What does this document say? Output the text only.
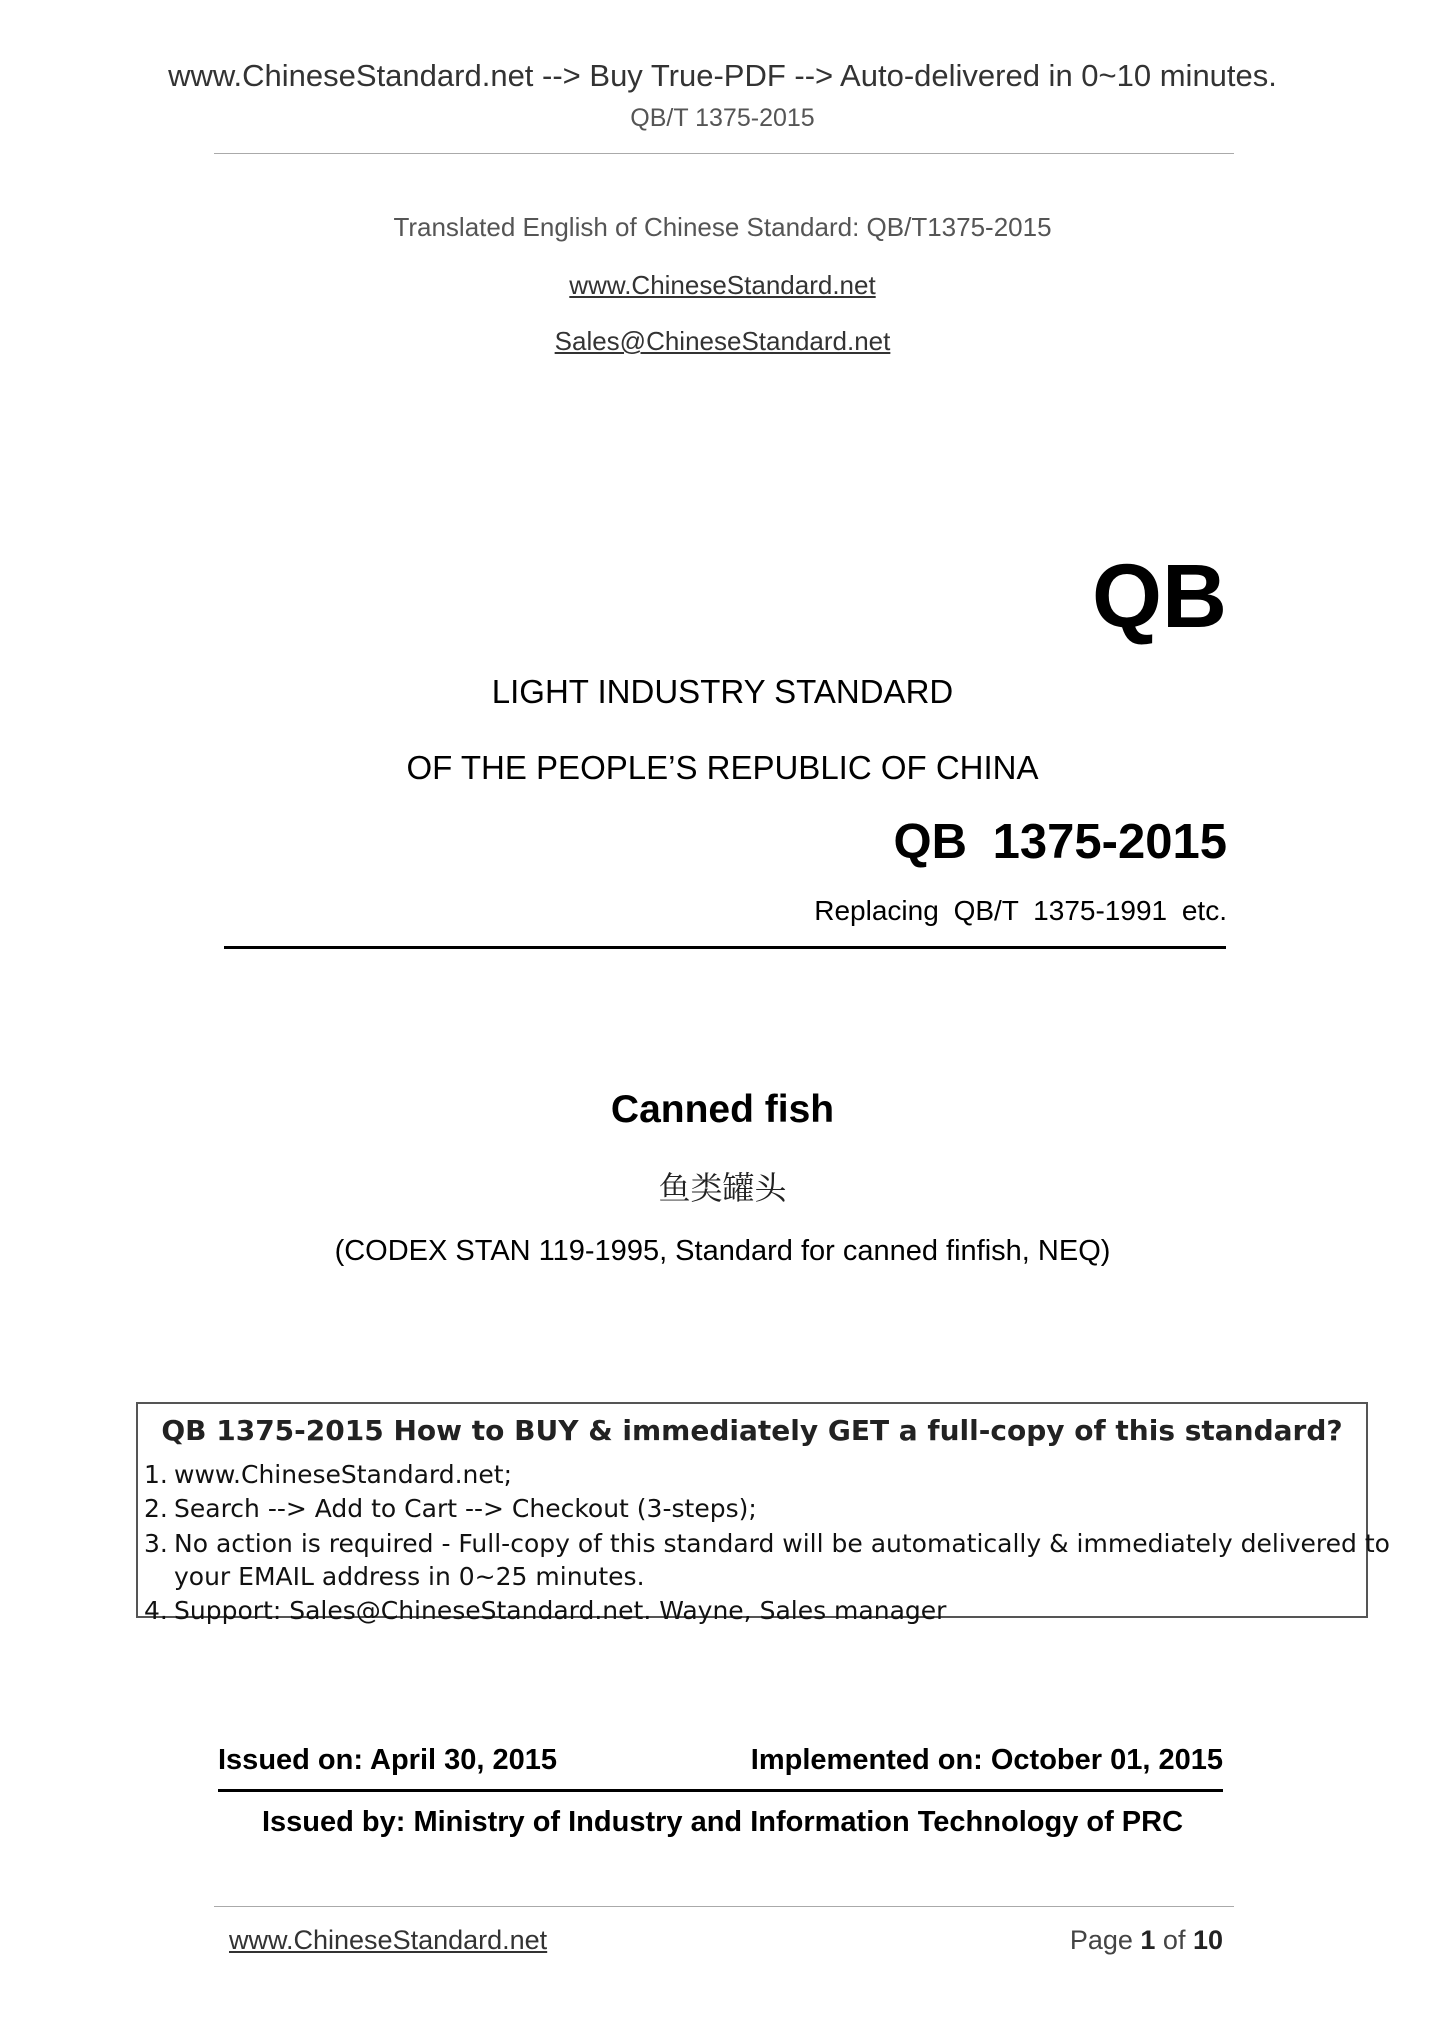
www.ChineseStandard.net --> Buy True-PDF --> Auto-delivered in 0~10 minutes.
QB/T 1375-2015
Translated English of Chinese Standard: QB/T1375-2015
www.ChineseStandard.net
Sales@ChineseStandard.net
QB
LIGHT INDUSTRY STANDARD
OF THE PEOPLE’S REPUBLIC OF CHINA
QB 1375-2015
Replacing QB/T 1375-1991 etc.
Canned fish
鱼类罐头
(CODEX STAN 119-1995, Standard for canned finfish, NEQ)
QB 1375-2015 How to BUY & immediately GET a full-copy of this standard?
1. www.ChineseStandard.net;
2. Search --> Add to Cart --> Checkout (3-steps);
3. No action is required - Full-copy of this standard will be automatically & immediately delivered to
your EMAIL address in 0~25 minutes.
4. Support: Sales@ChineseStandard.net. Wayne, Sales manager
Issued on: April 30, 2015	Implemented on: October 01, 2015
Issued by: Ministry of Industry and Information Technology of PRC
www.ChineseStandard.net	Page 1 of 10
